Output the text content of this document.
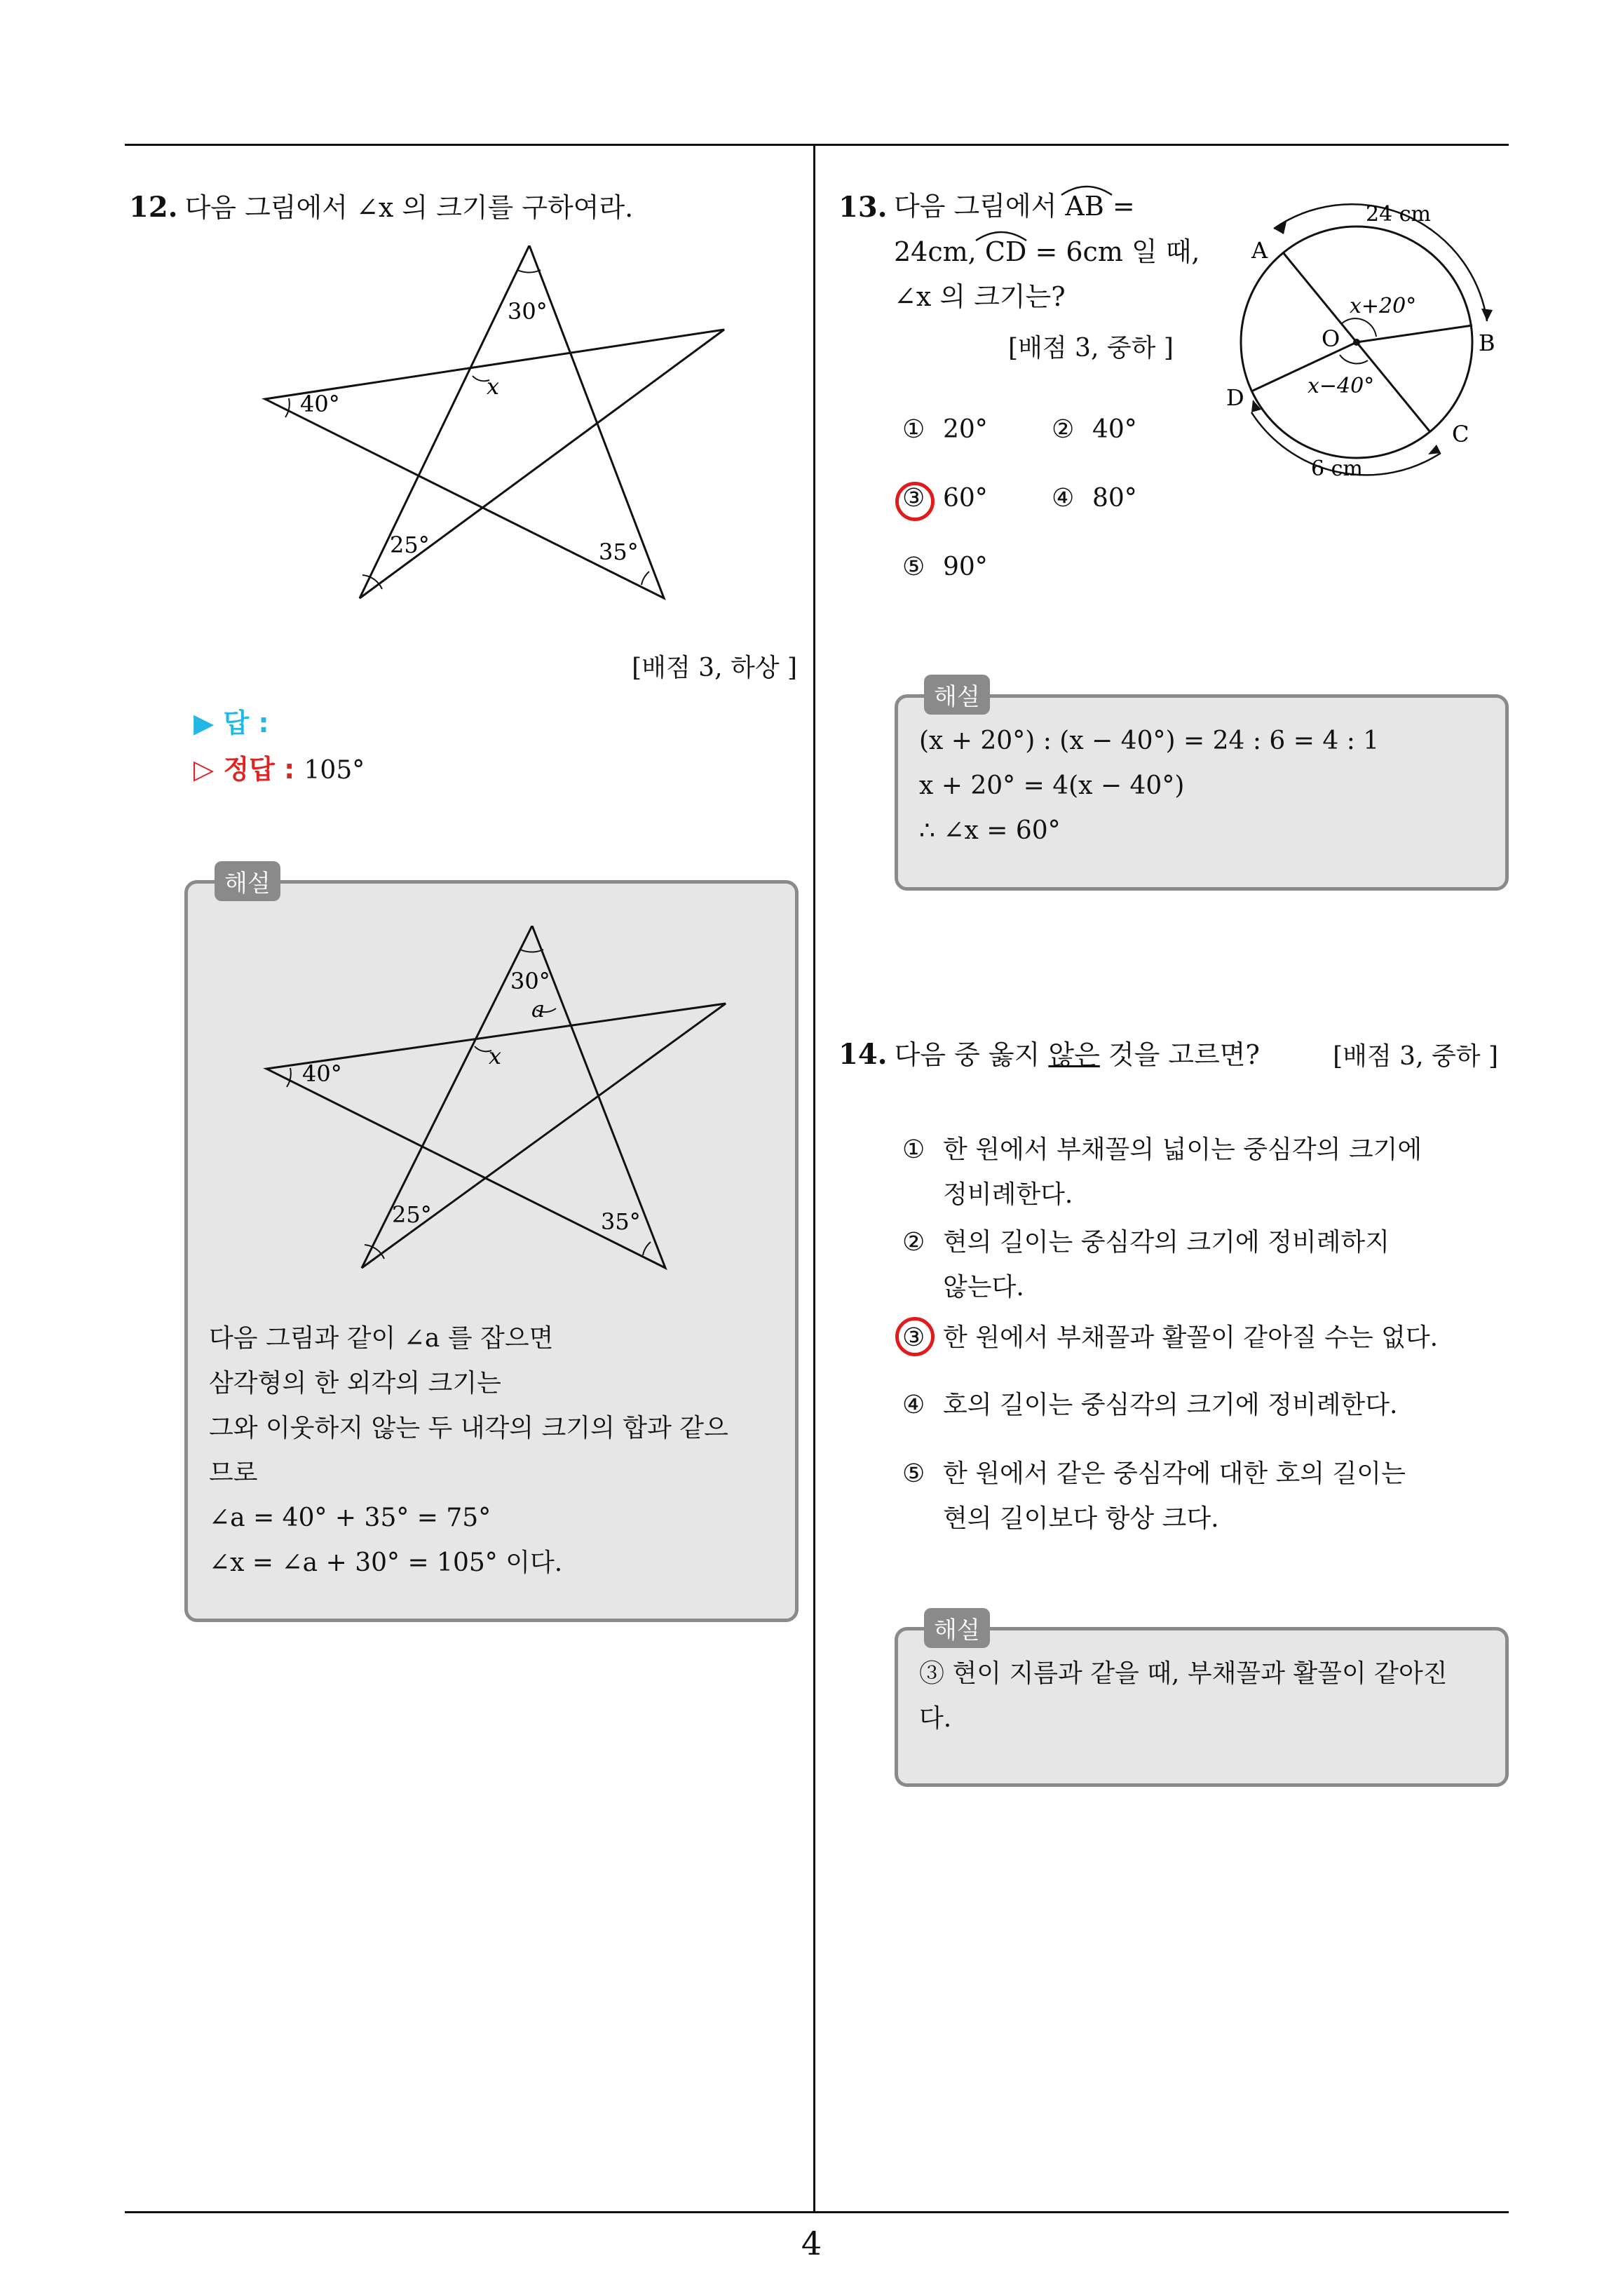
4
12. 다음 그림에서 ∠x 의 크기를 구하여라.
30°
x
40°
25°	35°
[배점 3, 하상 ]
▶ 답 :
▷ 정답 : 105°
30°
a
x
40°
25°	35°
다음 그림과 같이 ∠a 를 잡으면
삼각형의 한 외각의 크기는
그와 이웃하지 않는 두 내각의 크기의 합과 같으
므로
∠a = 40° + 35° = 75°
∠x = ∠a + 30° = 105° 이다.
해설
13. 다음 그림에서 AB =
24cm, CD = 6cm 일 때,
∠x 의 크기는?
[배점 3, 중하 ]
24 cm
6 cm
A
B
C
D
O
x+20°
x−40°
① 20°	② 40°
③ 60°	④ 80°
⑤ 90°
(x + 20°) : (x − 40°) = 24 : 6 = 4 : 1
x + 20° = 4(x − 40°)
∴ ∠x = 60°
해설
14. 다음 중 옳지 않은 것을 고르면?	[배점 3, 중하 ]
① 한 원에서 부채꼴의 넓이는 중심각의 크기에
정비례한다.
② 현의 길이는 중심각의 크기에 정비례하지
않는다.
③ 한 원에서 부채꼴과 활꼴이 같아질 수는 없다.
④ 호의 길이는 중심각의 크기에 정비례한다.
⑤ 한 원에서 같은 중심각에 대한 호의 길이는
현의 길이보다 항상 크다.
③ 현이 지름과 같을 때, 부채꼴과 활꼴이 같아진
다.
해설
